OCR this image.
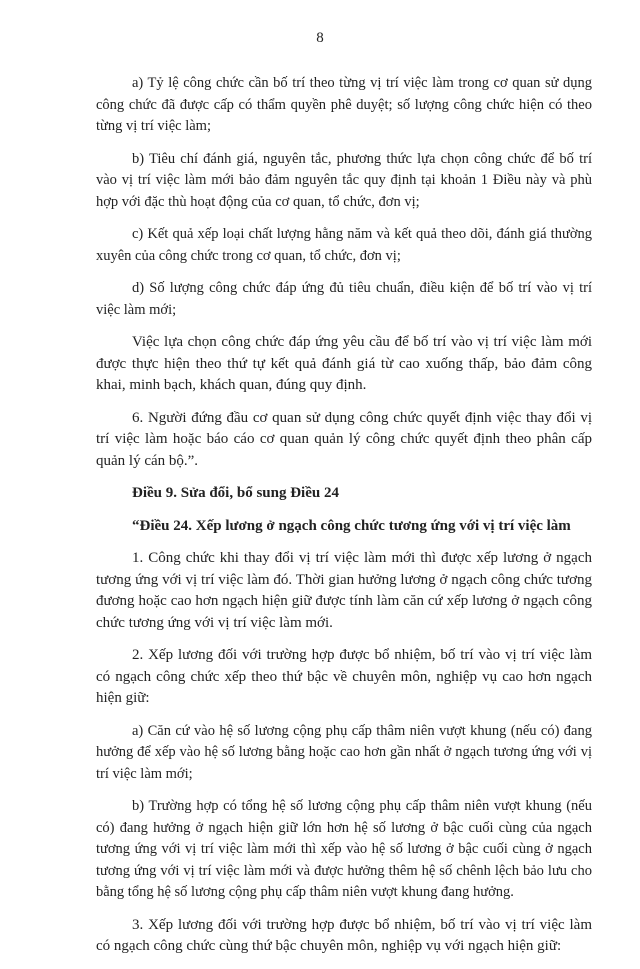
8

a) Tỷ lệ công chức cần bố trí theo từng vị trí việc làm trong cơ quan sử dụng công chức đã được cấp có thẩm quyền phê duyệt; số lượng công chức hiện có theo từng vị trí việc làm;

b) Tiêu chí đánh giá, nguyên tắc, phương thức lựa chọn công chức để bố trí vào vị trí việc làm mới bảo đảm nguyên tắc quy định tại khoản 1 Điều này và phù hợp với đặc thù hoạt động của cơ quan, tổ chức, đơn vị;

c) Kết quả xếp loại chất lượng hằng năm và kết quả theo dõi, đánh giá thường xuyên của công chức trong cơ quan, tổ chức, đơn vị;

d) Số lượng công chức đáp ứng đủ tiêu chuẩn, điều kiện để bố trí vào vị trí việc làm mới;

Việc lựa chọn công chức đáp ứng yêu cầu để bố trí vào vị trí việc làm mới được thực hiện theo thứ tự kết quả đánh giá từ cao xuống thấp, bảo đảm công khai, minh bạch, khách quan, đúng quy định.

6. Người đứng đầu cơ quan sử dụng công chức quyết định việc thay đổi vị trí việc làm hoặc báo cáo cơ quan quản lý công chức quyết định theo phân cấp quản lý cán bộ.”.

Điều 9. Sửa đổi, bổ sung Điều 24

“Điều 24. Xếp lương ở ngạch công chức tương ứng với vị trí việc làm

1. Công chức khi thay đổi vị trí việc làm mới thì được xếp lương ở ngạch tương ứng với vị trí việc làm đó. Thời gian hưởng lương ở ngạch công chức tương đương hoặc cao hơn ngạch hiện giữ được tính làm căn cứ xếp lương ở ngạch công chức tương ứng với vị trí việc làm mới.

2. Xếp lương đối với trường hợp được bổ nhiệm, bố trí vào vị trí việc làm có ngạch công chức xếp theo thứ bậc về chuyên môn, nghiệp vụ cao hơn ngạch hiện giữ:

a) Căn cứ vào hệ số lương cộng phụ cấp thâm niên vượt khung (nếu có) đang hưởng để xếp vào hệ số lương bằng hoặc cao hơn gần nhất ở ngạch tương ứng với vị trí việc làm mới;

b) Trường hợp có tổng hệ số lương cộng phụ cấp thâm niên vượt khung (nếu có) đang hưởng ở ngạch hiện giữ lớn hơn hệ số lương ở bậc cuối cùng của ngạch tương ứng với vị trí việc làm mới thì xếp vào hệ số lương ở bậc cuối cùng ở ngạch tương ứng với vị trí việc làm mới và được hưởng thêm hệ số chênh lệch bảo lưu cho bằng tổng hệ số lương cộng phụ cấp thâm niên vượt khung đang hưởng.

3. Xếp lương đối với trường hợp được bổ nhiệm, bố trí vào vị trí việc làm có ngạch công chức cùng thứ bậc chuyên môn, nghiệp vụ với ngạch hiện giữ:
